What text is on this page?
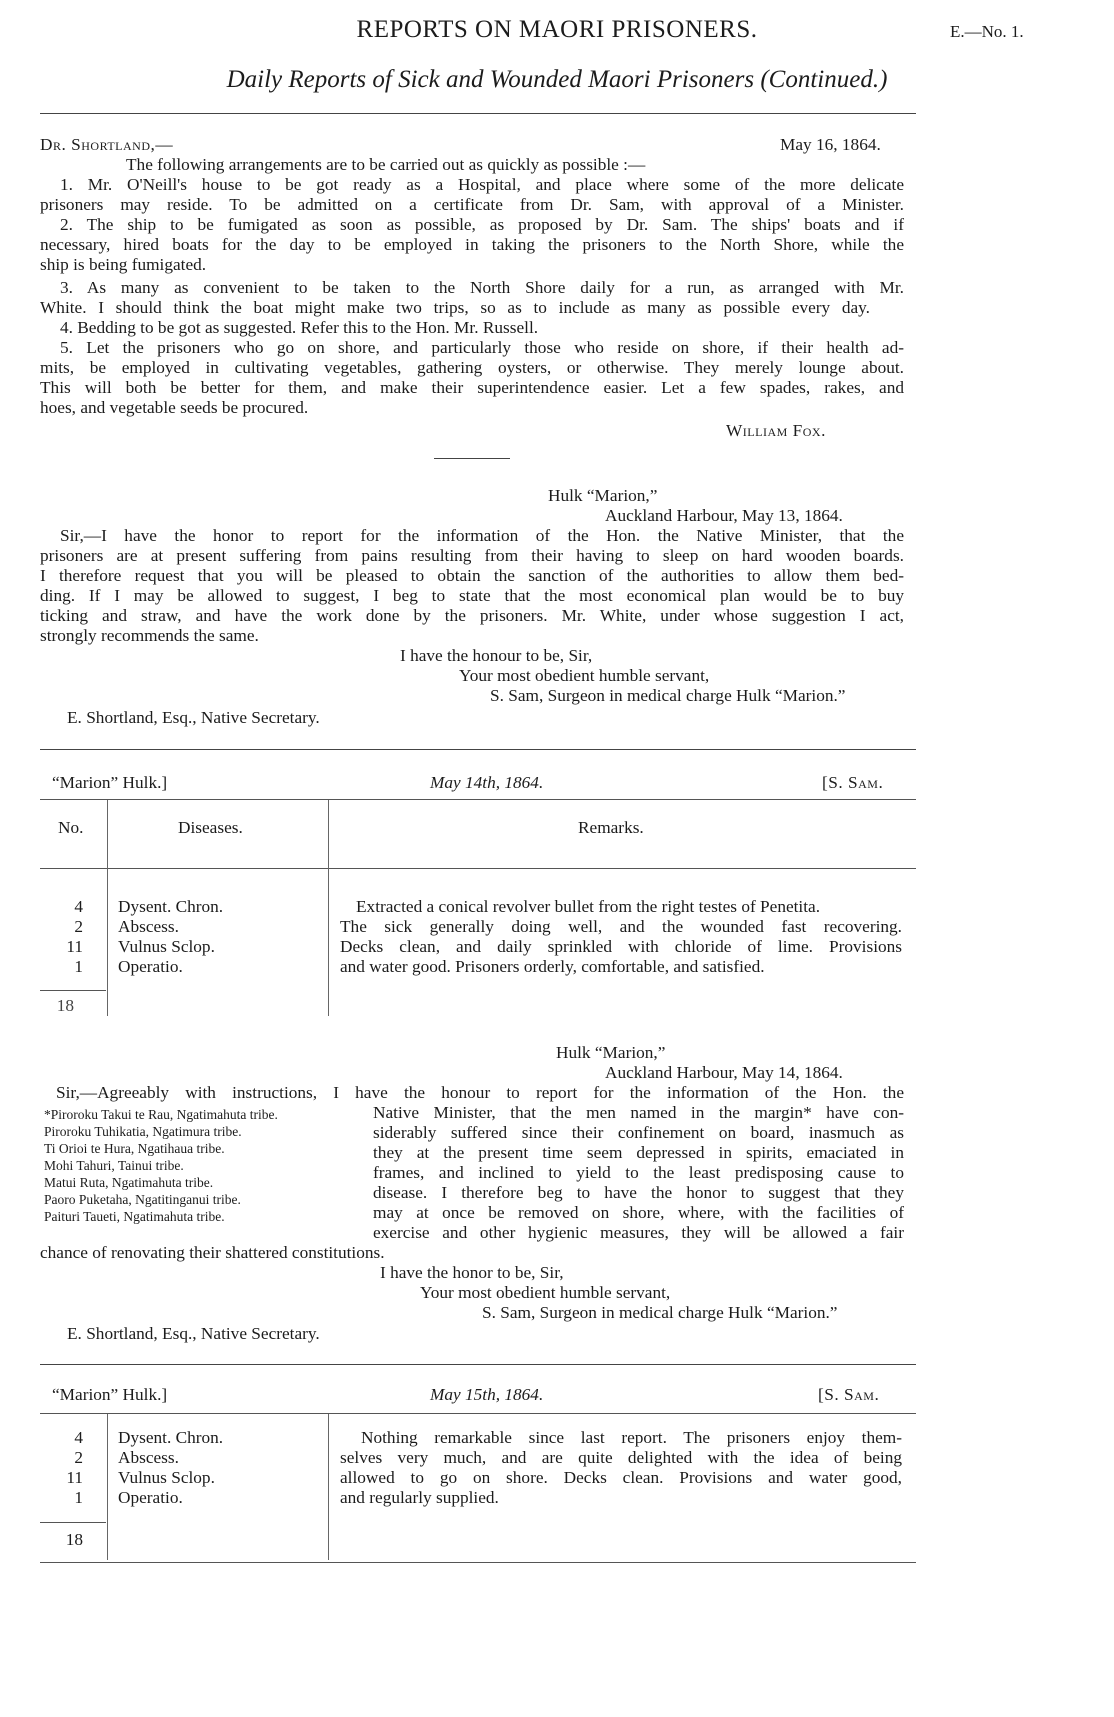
REPORTS ON MAORI PRISONERS.	E.—No. 1.
Daily Reports of Sick and Wounded Maori Prisoners (Continued.)

Dr. Shortland,—	May 16, 1864.

The following arrangements are to be carried out as quickly as possible :—

1. Mr. O'Neill's house to be got ready as a Hospital, and place where some of the more delicate

prisoners may reside. To be admitted on a certificate from Dr. Sam, with approval of a Minister.

2. The ship to be fumigated as soon as possible, as proposed by Dr. Sam. The ships' boats and if

necessary, hired boats for the day to be employed in taking the prisoners to the North Shore, while the

ship is being fumigated.

3. As many as convenient to be taken to the North Shore daily for a run, as arranged with Mr.

White. I should think the boat might make two trips, so as to include as many as possible every day.

4. Bedding to be got as suggested. Refer this to the Hon. Mr. Russell.

5. Let the prisoners who go on shore, and particularly those who reside on shore, if their health ad-

mits, be employed in cultivating vegetables, gathering oysters, or otherwise. They merely lounge about.

This will both be better for them, and make their superintendence easier. Let a few spades, rakes, and

hoes, and vegetable seeds be procured.

William Fox.

Hulk “Marion,”

Auckland Harbour, May 13, 1864.

Sir,—I have the honor to report for the information of the Hon. the Native Minister, that the

prisoners are at present suffering from pains resulting from their having to sleep on hard wooden boards.

I therefore request that you will be pleased to obtain the sanction of the authorities to allow them bed-

ding. If I may be allowed to suggest, I beg to state that the most economical plan would be to buy

ticking and straw, and have the work done by the prisoners. Mr. White, under whose suggestion I act,

strongly recommends the same.

I have the honour to be, Sir,

Your most obedient humble servant,

S. Sam, Surgeon in medical charge Hulk “Marion.”

E. Shortland, Esq., Native Secretary.

“Marion” Hulk.]	May 14th, 1864.	[S. Sam.

No.	Diseases.	Remarks.
4 Dysent. Chron.
2 Abscess.
11 Vulnus Sclop.
1 Operatio.
Extracted a conical revolver bullet from the right testes of Penetita.
The sick generally doing well, and the wounded fast recovering.
Decks clean, and daily sprinkled with chloride of lime. Provisions
and water good. Prisoners orderly, comfortable, and satisfied.
18

Hulk “Marion,”

Auckland Harbour, May 14, 1864.

Sir,—Agreeably with instructions, I have the honour to report for the information of the Hon. the

Native Minister, that the men named in the margin* have con-

siderably suffered since their confinement on board, inasmuch as

they at the present time seem depressed in spirits, emaciated in

frames, and inclined to yield to the least predisposing cause to

disease. I therefore beg to have the honor to suggest that they

may at once be removed on shore, where, with the facilities of

exercise and other hygienic measures, they will be allowed a fair

chance of renovating their shattered constitutions.

*Piroroku Takui te Rau, Ngatimahuta tribe.
Piroroku Tuhikatia, Ngatimura tribe.
Ti Orioi te Hura, Ngatihaua tribe.
Mohi Tahuri, Tainui tribe.
Matui Ruta, Ngatimahuta tribe.
Paoro Puketaha, Ngatitinganui tribe.
Paituri Taueti, Ngatimahuta tribe.

I have the honor to be, Sir,

Your most obedient humble servant,

S. Sam, Surgeon in medical charge Hulk “Marion.”

E. Shortland, Esq., Native Secretary.

“Marion” Hulk.]	May 15th, 1864.	[S. Sam.

4 Dysent. Chron.
2 Abscess.
11 Vulnus Sclop.
1 Operatio.
Nothing remarkable since last report. The prisoners enjoy them-
selves very much, and are quite delighted with the idea of being
allowed to go on shore. Decks clean. Provisions and water good,
and regularly supplied.
18
